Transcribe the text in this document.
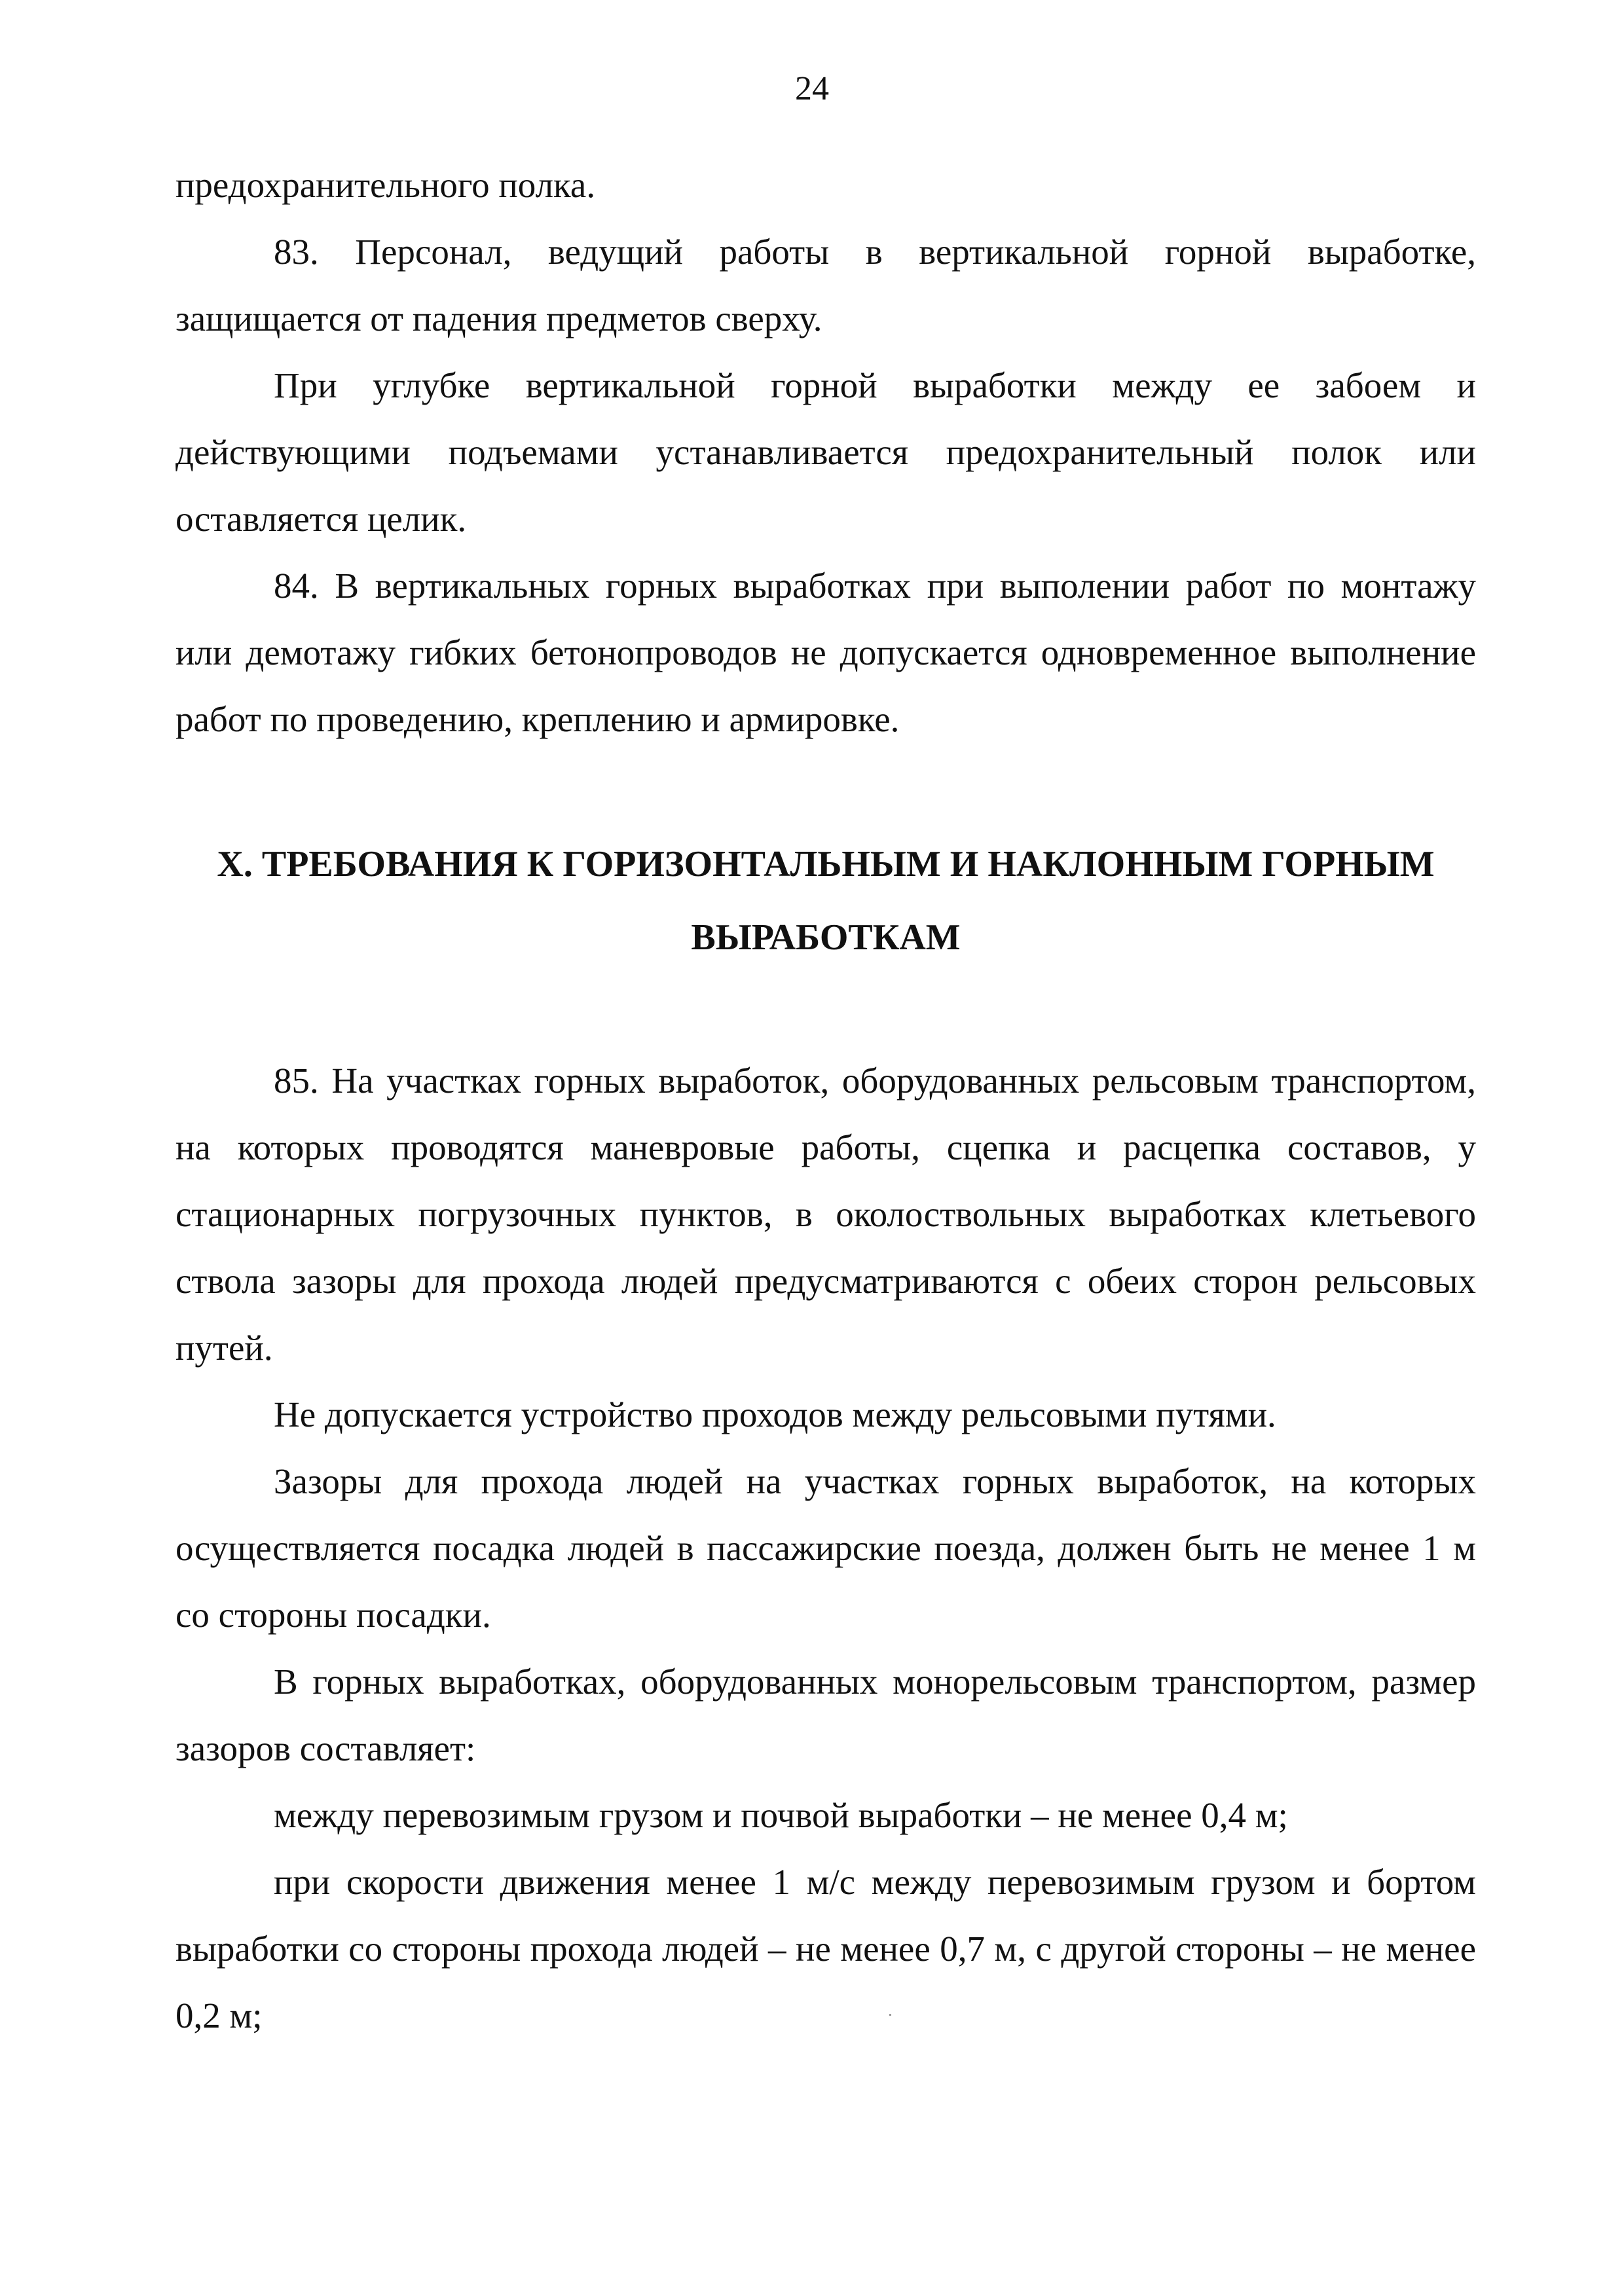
24

предохранительного полка.

83. Персонал, ведущий работы в вертикальной горной выработке, защищается от падения предметов сверху.

При углубке вертикальной горной выработки между ее забоем и действующими подъемами устанавливается предохранительный полок или оставляется целик.

84. В вертикальных горных выработках при выполении работ по монтажу или демотажу гибких бетонопроводов не допускается одновременное выполнение работ по проведению, креплению и армировке.

X. ТРЕБОВАНИЯ К ГОРИЗОНТАЛЬНЫМ И НАКЛОННЫМ ГОРНЫМ

ВЫРАБОТКАМ

85. На участках горных выработок, оборудованных рельсовым транспортом, на которых проводятся маневровые работы, сцепка и расцепка составов, у стационарных погрузочных пунктов, в околоствольных выработках клетьевого ствола зазоры для прохода людей предусматриваются с обеих сторон рельсовых путей.

Не допускается устройство проходов между рельсовыми путями.

Зазоры для прохода людей на участках горных выработок, на которых осуществляется посадка людей в пассажирские поезда, должен быть не менее 1 м со стороны посадки.

В горных выработках, оборудованных монорельсовым транспортом, размер зазоров составляет:

между перевозимым грузом и почвой выработки – не менее 0,4 м;

при скорости движения менее 1 м/с между перевозимым грузом и бортом выработки со стороны прохода людей – не менее 0,7 м, с другой стороны – не менее 0,2 м;
